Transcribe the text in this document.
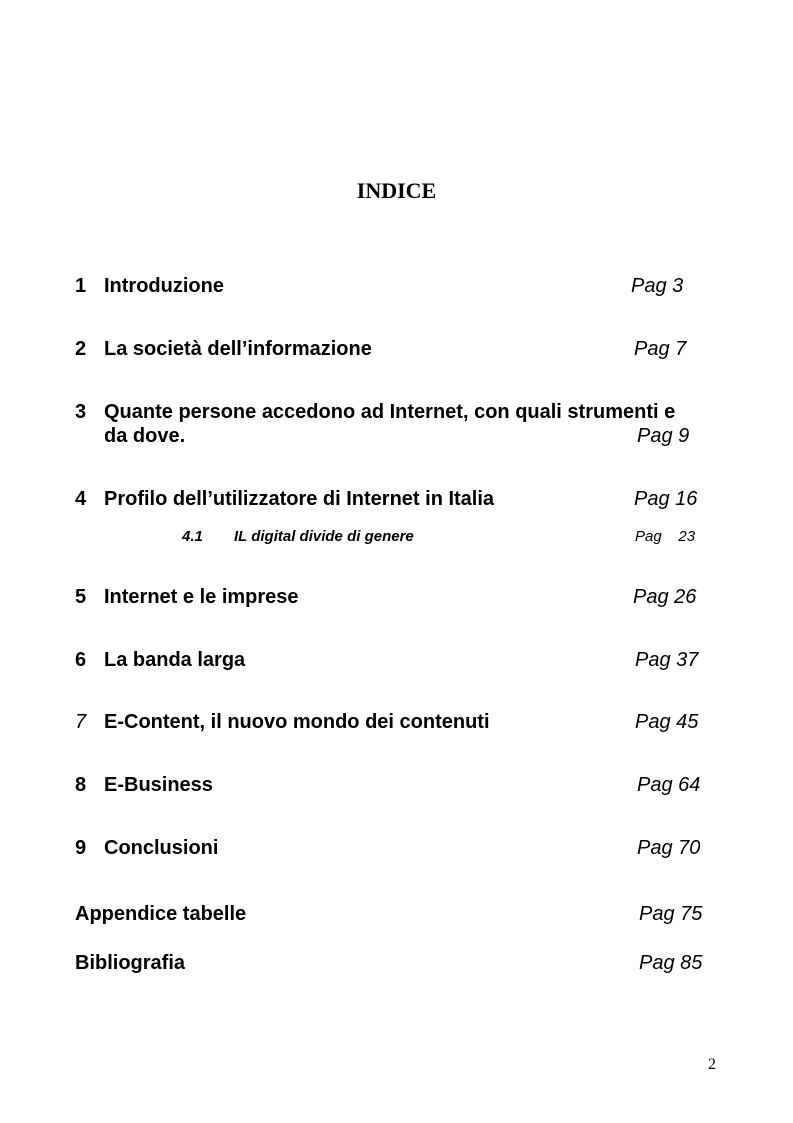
INDICE
1 Introduzione	Pag 3
2 La società dell’informazione	Pag 7
3 Quante persone accedono ad Internet, con quali strumenti e
da dove.	Pag 9
4 Profilo dell’utilizzatore di Internet in Italia	Pag 16
4.1 IL digital divide di genere	Pag    23
5 Internet e le imprese	Pag 26
6 La banda larga	Pag 37
7 E-Content, il nuovo mondo dei contenuti	Pag 45
8 E-Business	Pag 64
9 Conclusioni	Pag 70
Appendice tabelle	Pag 75
Bibliografia	Pag 85
2
